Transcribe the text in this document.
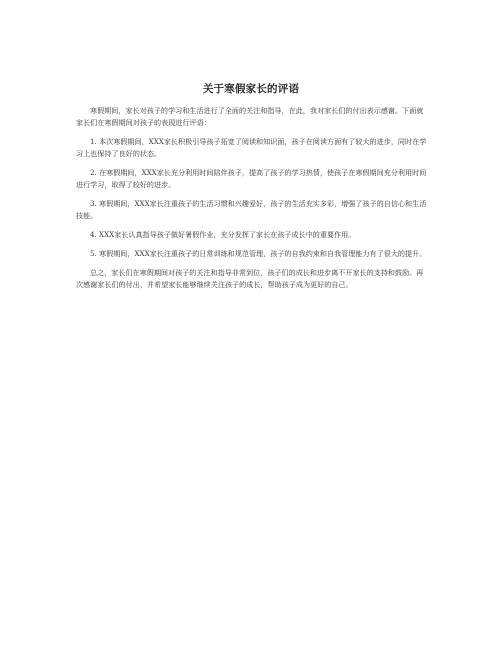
关于寒假家长的评语

寒假期间，家长对孩子的学习和生活进行了全面的关注和指导，在此，我对家长们的付出表示感谢。下面就家长们在寒假期间对孩子的表现进行评语：

1. 本次寒假期间，XXX家长积极引导孩子拓宽了阅读和知识面，孩子在阅读方面有了较大的进步，同时在学习上也保持了良好的状态。

2. 在寒假期间，XXX家长充分利用时间陪伴孩子，提高了孩子的学习热情，使孩子在寒假期间充分利用时间进行学习，取得了较好的进步。

3. 寒假期间，XXX家长注重孩子的生活习惯和兴趣爱好，孩子的生活充实多彩，增强了孩子的自信心和生活技能。

4. XXX家长认真指导孩子做好暑假作业，充分发挥了家长在孩子成长中的重要作用。

5. 寒假期间，XXX家长注重孩子的日常训练和规范管理，孩子的自我约束和自我管理能力有了很大的提升。

总之，家长们在寒假期间对孩子的关注和指导非常到位，孩子们的成长和进步离不开家长的支持和鼓励。再次感谢家长们的付出，并希望家长能够继续关注孩子的成长，帮助孩子成为更好的自己。
